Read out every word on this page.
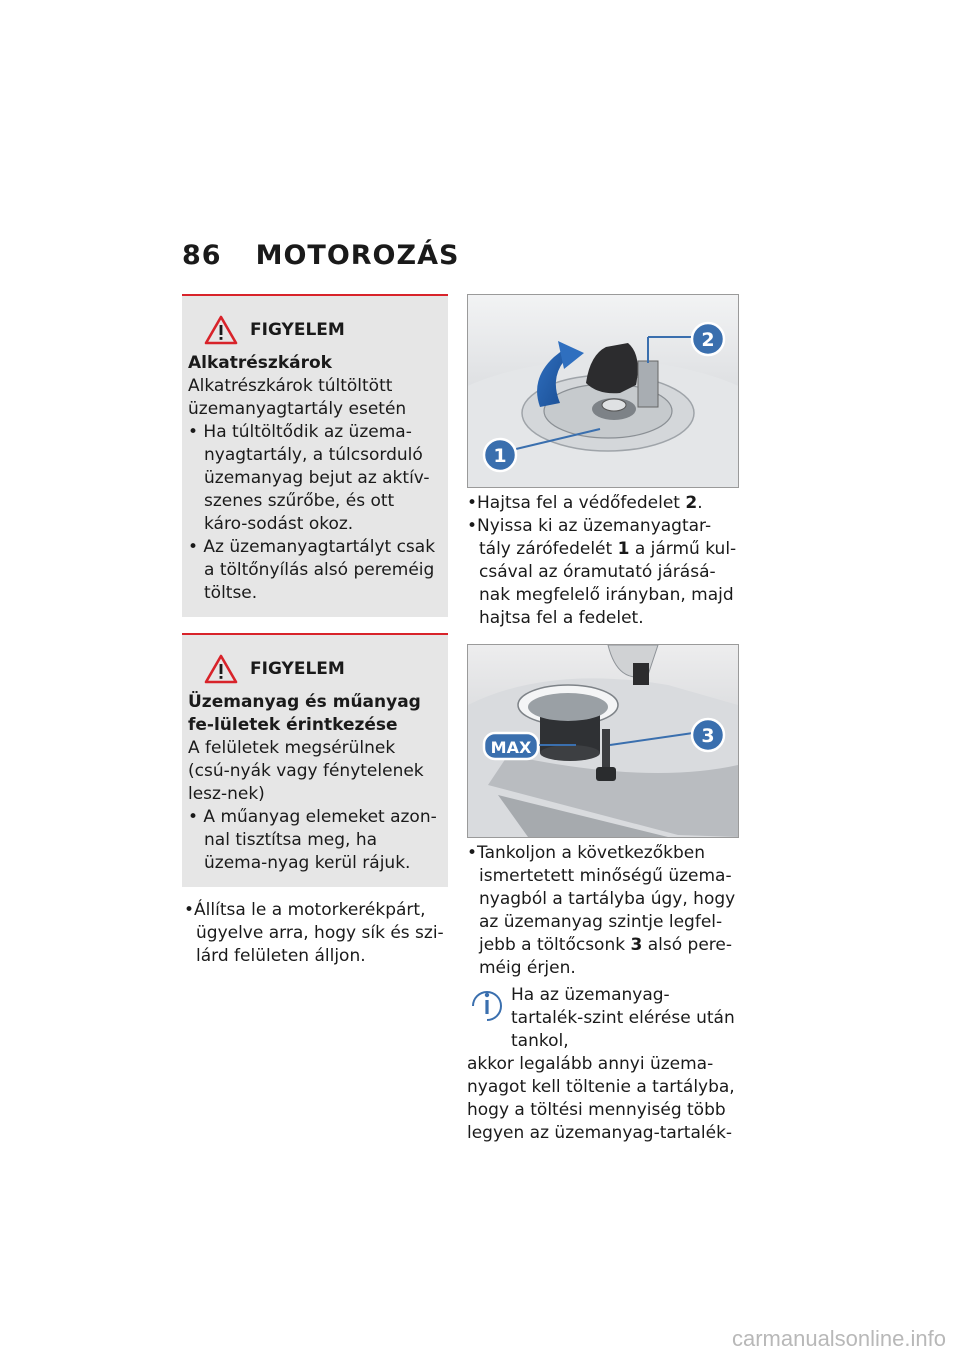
86 MOTOROZÁS
FIGYELEM
Alkatrészkárok
Alkatrészkárok túltöltött
üzemanyagtartály esetén
• Ha túltöltődik az üzema-nyagtartály, a túlcsorduló üzemanyag bejut az aktív-szenes szűrőbe, és ott káro-sodást okoz.
• Az üzemanyagtartályt csak a töltőnyílás alsó pereméig töltse.
FIGYELEM
Üzemanyag és műanyag fe-lületek érintkezése
A felületek megsérülnek (csú-nyák vagy fénytelenek lesz-nek)
• A műanyag elemeket azon-nal tisztítsa meg, ha üzema-nyag kerül rájuk.
•Állítsa le a motorkerékpárt, ügyelve arra, hogy sík és szi-lárd felületen álljon.
1
2
•Hajtsa fel a védőfedelet 2.
•Nyissa ki az üzemanyagtar-tály zárófedelét 1 a jármű kul-csával az óramutató járásá-nak megfelelő irányban, majd hajtsa fel a fedelet.
MAX
3
•Tankoljon a következőkben ismertetett minőségű üzema-nyagból a tartályba úgy, hogy az üzemanyag szintje legfel-jebb a töltőcsonk 3 alsó pere-méig érjen.
Ha az üzemanyag-tartalék-szint elérése után tankol,
akkor legalább annyi üzema-nyagot kell töltenie a tartályba, hogy a töltési mennyiség több legyen az üzemanyag-tartalék-
carmanualsonline.info
